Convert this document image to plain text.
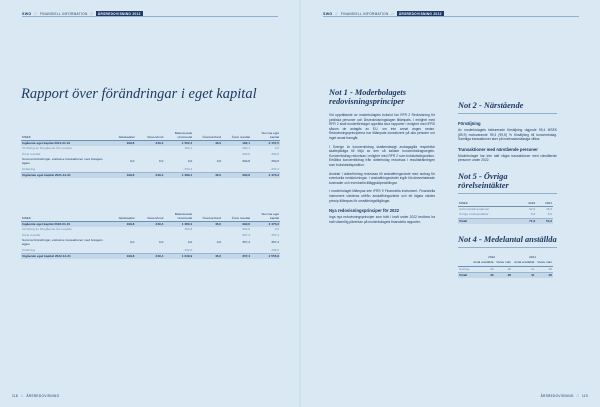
SWG // FINANSIELL INFORMATION //	ÅRSREDOVISNING 2022
Rapport över förändringar i eget kapital
MSEK	Aktiekapital	Reservfond	Balanserade vinstmedel	Överkursfond	Årets resultat	Summa eget kapital
Ingående eget kapital 2021-01-01	199,8	249,4	1 552,4	46,0	182,1	2 157,5
Omföring av föregående års resultat			182,1		-182,1	0,0

Årets resultat					392,8	392,8
Summa förändringar, exklusive transaktioner med bolagets ägare	0,0	0,0	0,0	0,0	392,8	392,8

Utdelning			-334,4			-334,4
Utgående eget kapital 2021-12-31	199,8	249,4	1 389,1	46,0	392,8	2 470,3
MSEK	Aktiekapital	Reservfond	Balanserade vinstmedel	Överkursfond	Årets resultat	Summa eget kapital
Ingående eget kapital 2022-01-01	199,8	249,4	1 389,1	46,0	392,8	2 470,3
Omföring av föregående års resultat			392,8		-392,8	0,0

Årets resultat					357,4	357,4
Summa förändringar, exklusive transaktioner med bolagets ägare	0,0	0,0	0,0	0,0	357,4	357,4

Utdelning			-132,0			-132,0
Utgående eget kapital 2022-12-31	199,8	249,4	1 649,9	46,0	357,4	2 555,9
118 // ÅRSREDOVISNING
SWG // FINANSIELL INFORMATION //	ÅRSREDOVISNING 2022
Not 1 - Moderbolagets redovisningsprinciper

Vid upprättande av moderbolagets bokslut har RFR 2 Redovisning för juridiska personer och Årsredovisningslagen tillämpats. I enlighet med RFR 2 skall moderföretaget upprätta sina rapporter i enlighet med IFRS såsom de antagits av EU, om inte annat anges nedan. Redovisningsprinciperna har tillämpats konsekvent på alla perioder om inget annat framgår.

I Sverige är koncernbidrag skattemässigt avdragsgilla respektive skattepliktiga till följd av den så kallade koncernbidragsregeln. Koncernbidrag redovisas i enlighet med RFR 2 som bokslutsdisposition. Erhållna koncernbidrag från dotterbolag redovisas i resultaträkningen som bokslutsdisposition.

Andelar i dotterföretag redovisas till anskaffningsvärde med avdrag för eventuella nedskrivningar. I anskaffningsvärdet ingår förvärvsrelaterade kostnader och eventuella tilläggsköpeskillingar.

I moderbolaget tillämpas inte IFRS 9 Finansiella instrument. Finansiella instrument värderas utifrån anskaffningsvärde och ett lägsta värdes princip tillämpas för omsättningstillgångar.

Nya redovisningsprinciper för 2022

Inga nya redovisningsprinciper som trätt i kraft under 2022 bedöms ha haft väsentlig påverkan på moderbolagets finansiella rapporter.

Not 2 - Närstående
Försäljning

Av moderbolagets fakturerade försäljning utgjorde 99,4 MSEK (89,9) motsvarande 99,3 (99,5) % försäljning till koncernbolag. Samtliga transaktioner sker på marknadsmässiga villkor.

Transaktioner med närstående personer

Moderbolaget har inte haft några transaktioner med närstående personer under 2022.

Not 5 - Övriga rörelseintäkter
MSEK	2022	2021
Administrativa tjänster	62,9	48,3
Övriga rörelseintäkter	8,8	6,0
Totalt	71,6	54,3
Not 4 - Medelantal anställda
	2022		2021	
	Antal anställda	Varav män	Antal anställda	Varav män
Sverige	40	28	41	28
Totalt	40	28	41	28
ÅRSREDOVISNING // 119
